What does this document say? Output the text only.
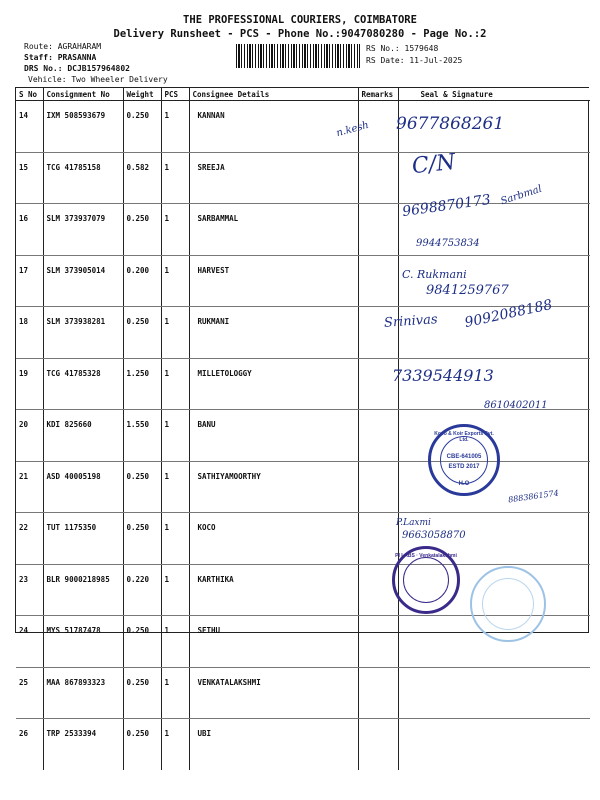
THE PROFESSIONAL COURIERS, COIMBATORE
Delivery Runsheet - PCS - Phone No.:9047080280 - Page No.:2
Route: AGRAHARAM
Staff: PRASANNA
DRS No.: DCJB157964802
Vehicle: Two Wheeler Delivery
RS No.: 1579648
RS Date: 11-Jul-2025
S No	Consignment No	Weight	PCS	Consignee Details	Remarks	Seal & Signature
14	IXM 508593679	0.250	1	KANNAN		
15	TCG 41785158	0.582	1	SREEJA		
16	SLM 373937079	0.250	1	SARBAMMAL		
17	SLM 373905014	0.200	1	HARVEST		
18	SLM 373938281	0.250	1	RUKMANI		
19	TCG 41785328	1.250	1	MILLETOLOGGY		
20	KDI 825660	1.550	1	BANU		
21	ASD 40005198	0.250	1	SATHIYAMOORTHY		
22	TUT 1175350	0.250	1	KOCO		
23	BLR 9000218985	0.220	1	KARTHIKA		
24	MYS 51787478	0.250	1	SETHU		
25	MAA 867893323	0.250	1	VENKATALAKSHMI		
26	TRP 2533394	0.250	1	UBI		
n.kesh 9677868261
C/N
9698870173 Sarbmal
9944753834
C. Rukmani
9841259767
Srinivas 9092088188
7339544913
8610402011
8883861574
P.Laxmi
9663058870
Koco & Koir Exports Pvt. Ltd.
CBE-641005
ESTD 2017
H.O
PI LABS · Venkatalakshmi
